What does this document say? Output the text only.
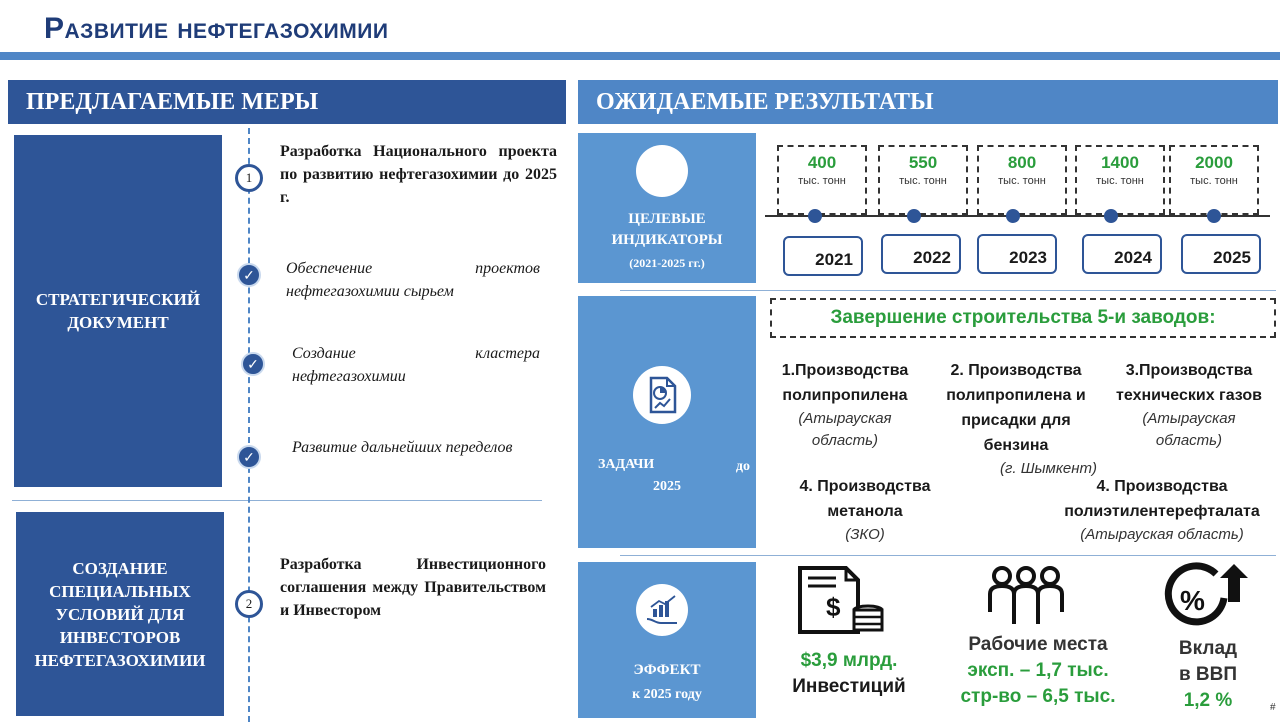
Развитие нефтегазохимии
ПРЕДЛАГАЕМЫЕ МЕРЫ
СТРАТЕГИЧЕСКИЙ ДОКУМЕНТ
СОЗДАНИЕ СПЕЦИАЛЬНЫХ УСЛОВИЙ ДЛЯ ИНВЕСТОРОВ НЕФТЕГАЗОХИМИИ
1
Разработка Национального проекта по развитию нефтегазохимии до 2025 г.
✓	Обеспечение проектов нефтегазохимии сырьем
✓
Создание кластера нефтегазохимии
✓
Развитие дальнейших переделов
2
Разработка Инвестиционного соглашения между Правительством и Инвестором
ОЖИДАЕМЫЕ РЕЗУЛЬТАТЫ
ЦЕЛЕВЫЕ ИНДИКАТОРЫ
(2021-2025 гг.)
400
тыс. тонн
550
тыс. тонн
800
тыс. тонн
1400
тыс. тонн
2000
тыс. тонн
2021	2022	2023	2024	2025
ЗАДАЧИ	до
2025
Завершение строительства 5-и заводов:
1.Производства полипропилена
(Атырауская область)
2. Производства полипропилена и присадки для бензина
(г. Шымкент)
3.Производства технических газов
(Атырауская область)
4. Производства метанола
(ЗКО)
4. Производства полиэтилентерефталата
(Атырауская область)
ЭФФЕКТ
к 2025 году
$	%
$3,9 млрд.
Инвестиций
Рабочие места
эксп. – 1,7 тыс.
стр-во – 6,5 тыс.
Вклад
в ВВП
1,2 %	#
